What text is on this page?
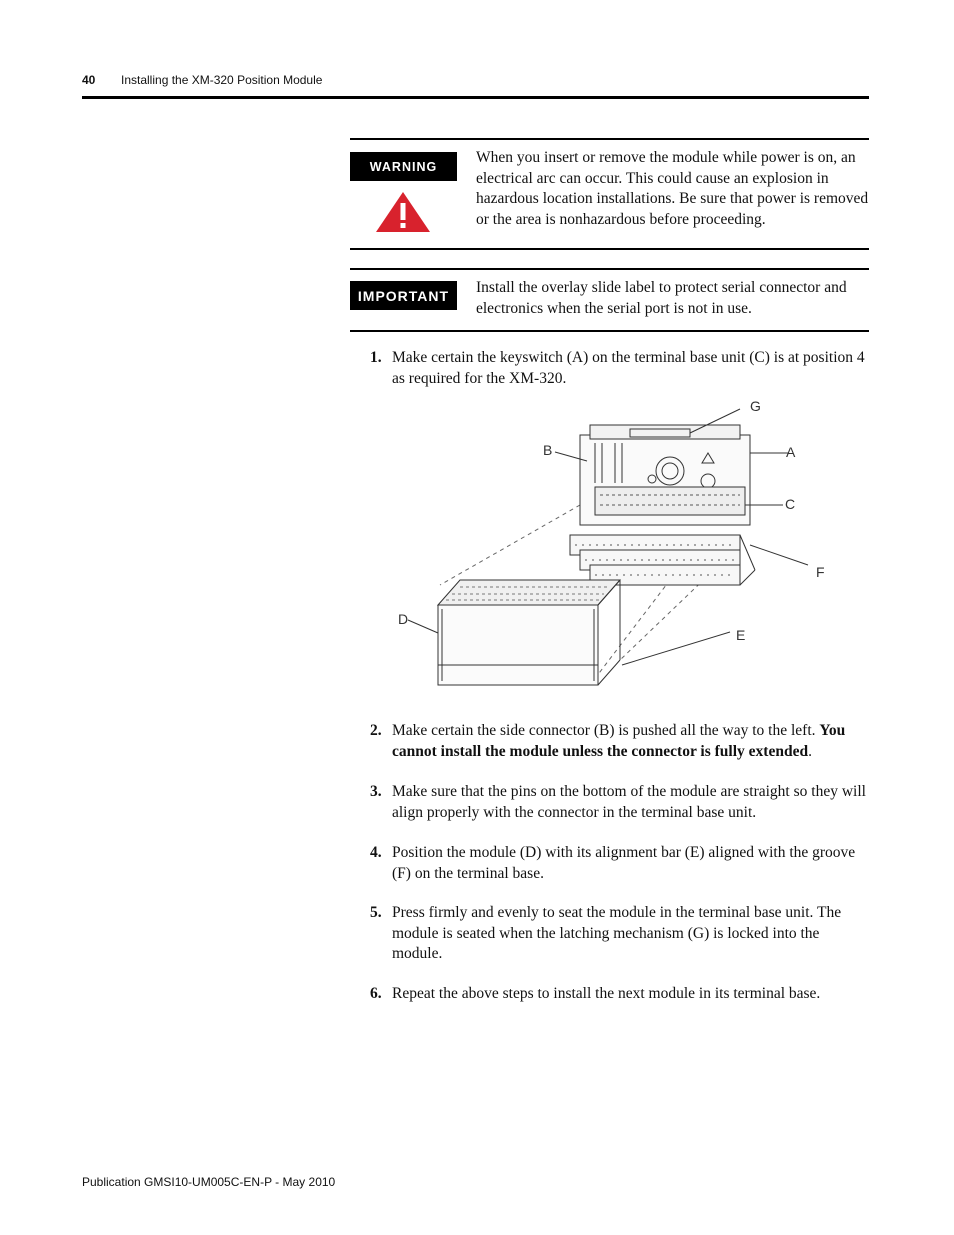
40 Installing the XM-320 Position Module
WARNING
When you insert or remove the module while power is on, an electrical arc can occur. This could cause an explosion in hazardous location installations. Be sure that power is removed or the area is nonhazardous before proceeding.
IMPORTANT	Install the overlay slide label to protect serial connector and electronics when the serial port is not in use.
1. Make certain the keyswitch (A) on the terminal base unit (C) is at position 4 as required for the XM-320.
G
B	A
C
F
D
E
2. Make certain the side connector (B) is pushed all the way to the left. You cannot install the module unless the connector is fully extended.
3. Make sure that the pins on the bottom of the module are straight so they will align properly with the connector in the terminal base unit.
4. Position the module (D) with its alignment bar (E) aligned with the groove (F) on the terminal base.
5. Press firmly and evenly to seat the module in the terminal base unit. The module is seated when the latching mechanism (G) is locked into the module.
6. Repeat the above steps to install the next module in its terminal base.
Publication GMSI10-UM005C-EN-P - May 2010
